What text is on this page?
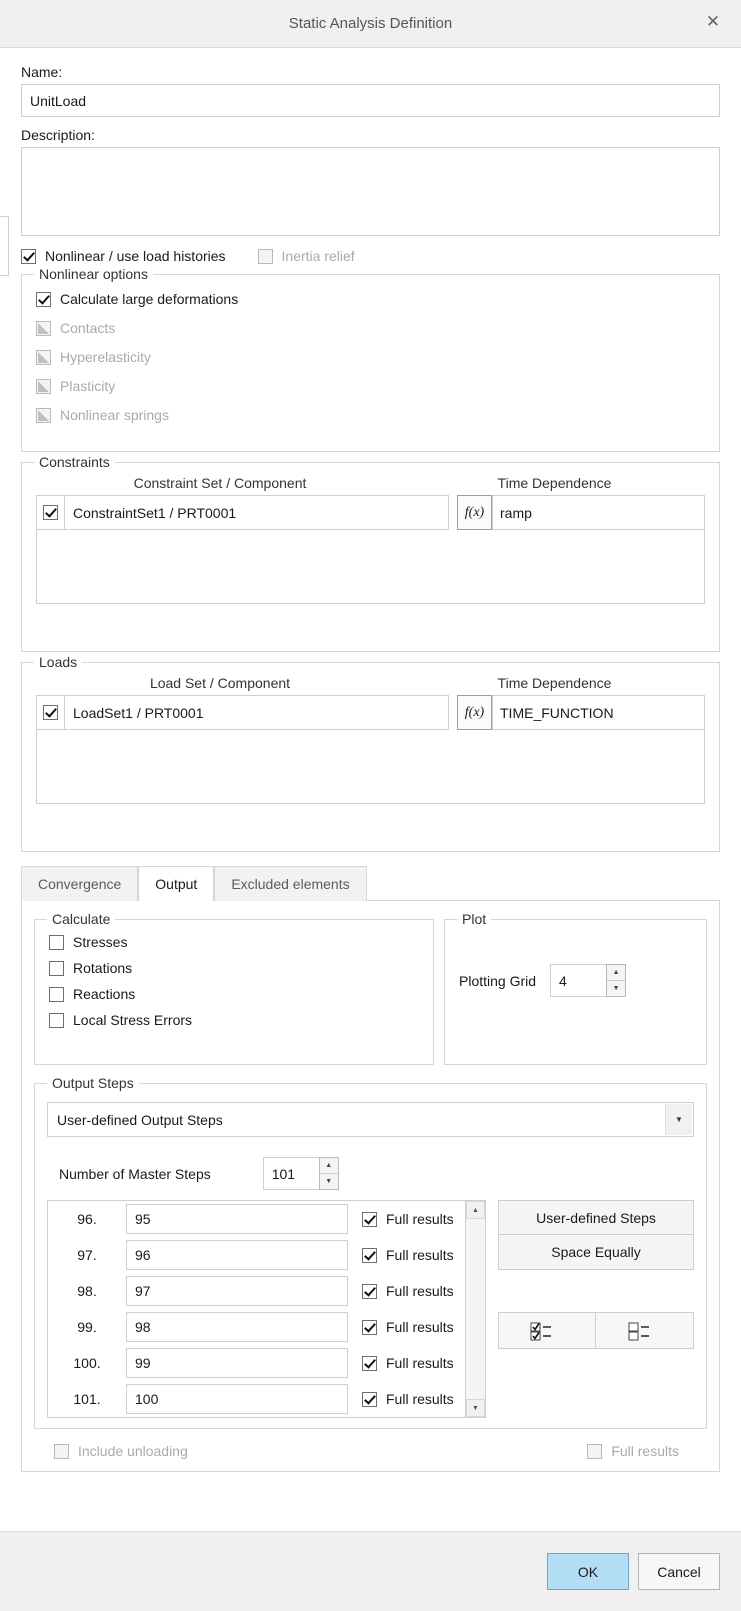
Static Analysis Definition	✕
Name:
UnitLoad
Description:
Nonlinear / use load histories	Inertia relief
Nonlinear options
Calculate large deformations
Contacts
Hyperelasticity
Plasticity
Nonlinear springs
Constraints
Constraint Set / Component	Time Dependence
ConstraintSet1 / PRT0001	f(x)	ramp
Loads
Load Set / Component	Time Dependence
LoadSet1 / PRT0001	f(x)	TIME_FUNCTION
Convergence	Output	Excluded elements
Calculate
Stresses
Rotations
Reactions
Local Stress Errors
Plot
Plotting Grid	4
▲
▼
Output Steps
User-defined Output Steps	▼
Number of Master Steps	101
▲
▼
96.	95	Full results
97.	96	Full results
98.	97	Full results
99.	98	Full results
100.	99	Full results
101.	100	Full results
▲
▼
User-defined Steps
Space Equally
Include unloading	Full results
OK	Cancel
